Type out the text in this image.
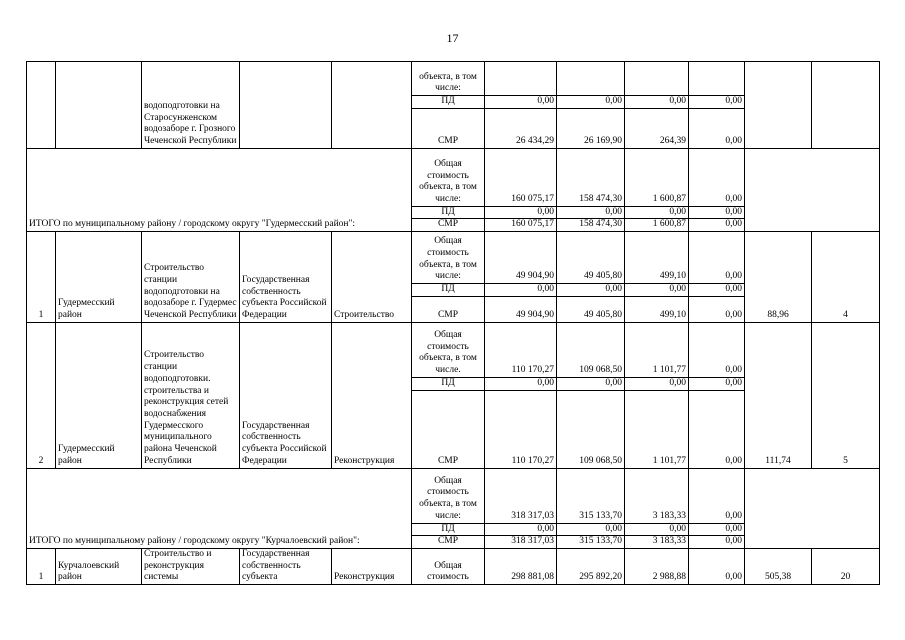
17
		водоподготовки на Старосунженском водозаборе г. Грозного Чеченской Республики			объекта, в том числе:						
					ПД	0,00	0,00	0,00	0,00		
					СМР	26 434,29	26 169,90	264,39	0,00		

ИТОГО по муниципальному району / городскому округу "Гудермесский район":					Общая стоимость объекта, в том числе:	160 075,17	158 474,30	1 600,87	0,00		
					ПД	0,00	0,00	0,00	0,00		
					СМР	160 075,17	158 474,30	1 600,87	0,00		
1	Гудермесский район	Строительство станции водоподготовки на водозаборе г. Гудермес Чеченской Республики	Государственная собственность субъекта Российской Федерации	Строительство	Общая стоимость объекта, в том числе:	49 904,90	49 405,80	499,10	0,00	88,96	4
					ПД	0,00	0,00	0,00	0,00		
					СМР	49 904,90	49 405,80	499,10	0,00		
2	Гудермесский район	Строительство станции водоподготовки. строительства и реконструкция сетей водоснабжения Гудермесского муниципального района Чеченской Республики	Государственная собственность субъекта Российской Федерации	Реконструкция	Общая стоимость объекта, в том числе.	110 170,27	109 068,50	1 101,77	0,00	111,74	5
					ПД	0,00	0,00	0,00	0,00		
					СМР	110 170,27	109 068,50	1 101,77	0,00		
ИТОГО по муниципальному району / городскому округу "Курчалоевский район":					Общая стоимость объекта, в том числе:	318 317,03	315 133,70	3 183,33	0,00		
					ПД	0,00	0,00	0,00	0,00		
					СМР	318 317,03	315 133,70	3 183,33	0,00		
1	Курчалоевский район	Строительство и реконструкция системы	Государственная собственность субъекта	Реконструкция	Общая стоимость	298 881,08	295 892,20	2 988,88	0,00	505,38	20
